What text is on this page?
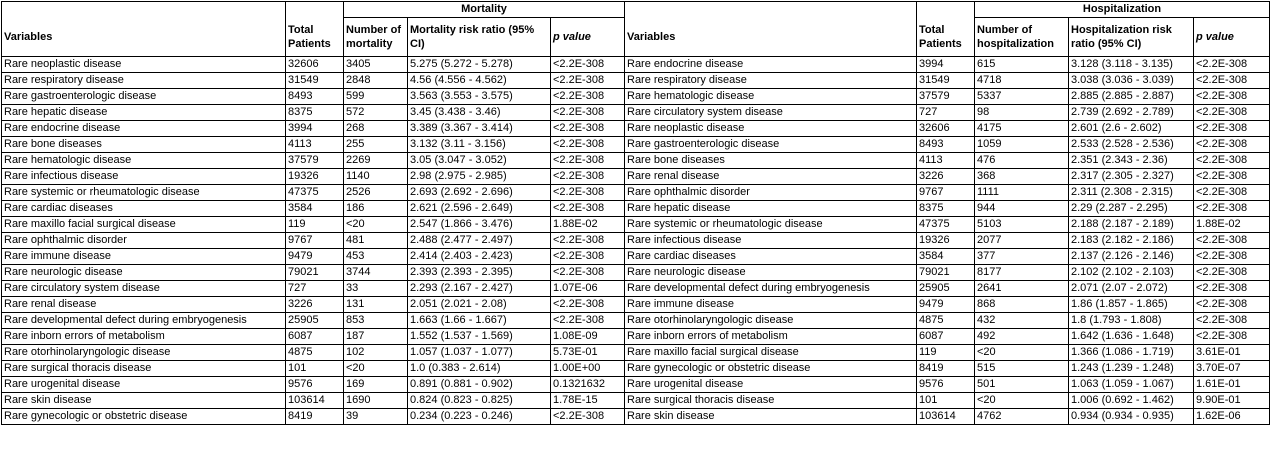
		Mortality					Hospitalization		
Variables	Total Patients	Number of mortality	Mortality risk ratio (95% CI)	p value	Variables	Total Patients	Number of hospitalization	Hospitalization risk ratio (95% CI)	p value
Rare neoplastic disease	32606	3405	5.275 (5.272 - 5.278)	<2.2E-308	Rare endocrine disease	3994	615	3.128 (3.118 - 3.135)	<2.2E-308
Rare respiratory disease	31549	2848	4.56 (4.556 - 4.562)	<2.2E-308	Rare respiratory disease	31549	4718	3.038 (3.036 - 3.039)	<2.2E-308
Rare gastroenterologic disease	8493	599	3.563 (3.553 - 3.575)	<2.2E-308	Rare hematologic disease	37579	5337	2.885 (2.885 - 2.887)	<2.2E-308
Rare hepatic disease	8375	572	3.45 (3.438 - 3.46)	<2.2E-308	Rare circulatory system disease	727	98	2.739 (2.692 - 2.789)	<2.2E-308
Rare endocrine disease	3994	268	3.389 (3.367 - 3.414)	<2.2E-308	Rare neoplastic disease	32606	4175	2.601 (2.6 - 2.602)	<2.2E-308
Rare bone diseases	4113	255	3.132 (3.11 - 3.156)	<2.2E-308	Rare gastroenterologic disease	8493	1059	2.533 (2.528 - 2.536)	<2.2E-308
Rare hematologic disease	37579	2269	3.05 (3.047 - 3.052)	<2.2E-308	Rare bone diseases	4113	476	2.351 (2.343 - 2.36)	<2.2E-308
Rare infectious disease	19326	1140	2.98 (2.975 - 2.985)	<2.2E-308	Rare renal disease	3226	368	2.317 (2.305 - 2.327)	<2.2E-308
Rare systemic or rheumatologic disease	47375	2526	2.693 (2.692 - 2.696)	<2.2E-308	Rare ophthalmic disorder	9767	1111	2.311 (2.308 - 2.315)	<2.2E-308
Rare cardiac diseases	3584	186	2.621 (2.596 - 2.649)	<2.2E-308	Rare hepatic disease	8375	944	2.29 (2.287 - 2.295)	<2.2E-308
Rare maxillo facial surgical disease	119	<20	2.547 (1.866 - 3.476)	1.88E-02	Rare systemic or rheumatologic disease	47375	5103	2.188 (2.187 - 2.189)	1.88E-02
Rare ophthalmic disorder	9767	481	2.488 (2.477 - 2.497)	<2.2E-308	Rare infectious disease	19326	2077	2.183 (2.182 - 2.186)	<2.2E-308
Rare immune disease	9479	453	2.414 (2.403 - 2.423)	<2.2E-308	Rare cardiac diseases	3584	377	2.137 (2.126 - 2.146)	<2.2E-308
Rare neurologic disease	79021	3744	2.393 (2.393 - 2.395)	<2.2E-308	Rare neurologic disease	79021	8177	2.102 (2.102 - 2.103)	<2.2E-308
Rare circulatory system disease	727	33	2.293 (2.167 - 2.427)	1.07E-06	Rare developmental defect during embryogenesis	25905	2641	2.071 (2.07 - 2.072)	<2.2E-308
Rare renal disease	3226	131	2.051 (2.021 - 2.08)	<2.2E-308	Rare immune disease	9479	868	1.86 (1.857 - 1.865)	<2.2E-308
Rare developmental defect during embryogenesis	25905	853	1.663 (1.66 - 1.667)	<2.2E-308	Rare otorhinolaryngologic disease	4875	432	1.8 (1.793 - 1.808)	<2.2E-308
Rare inborn errors of metabolism	6087	187	1.552 (1.537 - 1.569)	1.08E-09	Rare inborn errors of metabolism	6087	492	1.642 (1.636 - 1.648)	<2.2E-308
Rare otorhinolaryngologic disease	4875	102	1.057 (1.037 - 1.077)	5.73E-01	Rare maxillo facial surgical disease	119	<20	1.366 (1.086 - 1.719)	3.61E-01
Rare surgical thoracis disease	101	<20	1.0 (0.383 - 2.614)	1.00E+00	Rare gynecologic or obstetric disease	8419	515	1.243 (1.239 - 1.248)	3.70E-07
Rare urogenital disease	9576	169	0.891 (0.881 - 0.902)	0.1321632	Rare urogenital disease	9576	501	1.063 (1.059 - 1.067)	1.61E-01
Rare skin disease	103614	1690	0.824 (0.823 - 0.825)	1.78E-15	Rare surgical thoracis disease	101	<20	1.006 (0.692 - 1.462)	9.90E-01
Rare gynecologic or obstetric disease	8419	39	0.234 (0.223 - 0.246)	<2.2E-308	Rare skin disease	103614	4762	0.934 (0.934 - 0.935)	1.62E-06
